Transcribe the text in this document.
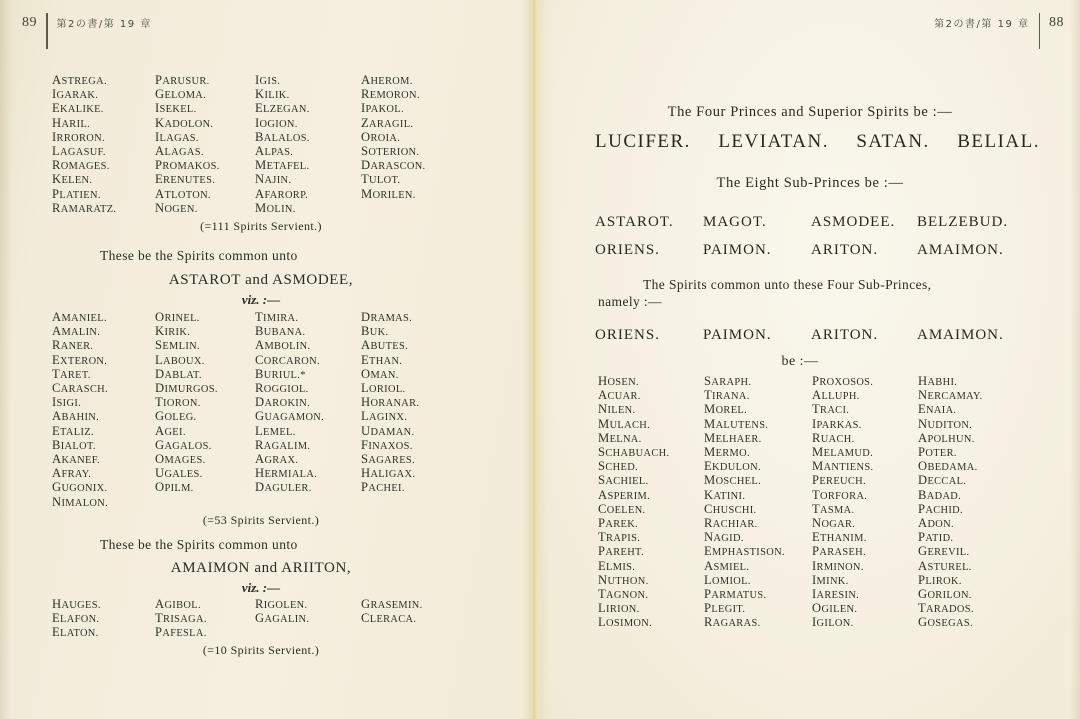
89 第2の書/第 19 章
ASTREGA.	PARUSUR.	IGIS.	AHEROM.
IGARAK.	GELOMA.	KILIK.	REMORON.
EKALIKE.	ISEKEL.	ELZEGAN.	IPAKOL.
HARIL.	KADOLON.	IOGION.	ZARAGIL.
IRRORON.	ILAGAS.	BALALOS.	OROIA.
LAGASUF.	ALAGAS.	ALPAS.	SOTERION.
ROMAGES.	PROMAKOS.	METAFEL.	DARASCON.
KELEN.	ERENUTES.	NAJIN.	TULOT.
PLATIEN.	ATLOTON.	AFARORP.	MORILEN.
RAMARATZ.	NOGEN.	MOLIN.
(=111 Spirits Servient.)
These be the Spirits common unto
ASTAROT and ASMODEE,
viz. :—
AMANIEL.	ORINEL.	TIMIRA.	DRAMAS.
AMALIN.	KIRIK.	BUBANA.	BUK.
RANER.	SEMLIN.	AMBOLIN.	ABUTES.
EXTERON.	LABOUX.	CORCARON.	ETHAN.
TARET.	DABLAT.	BURIUL.*	OMAN.
CARASCH.	DIMURGOS.	ROGGIOL.	LORIOL.
ISIGI.	TIORON.	DAROKIN.	HORANAR.
ABAHIN.	GOLEG.	GUAGAMON.	LAGINX.
ETALIZ.	AGEI.	LEMEL.	UDAMAN.
BIALOT.	GAGALOS.	RAGALIM.	FINAXOS.
AKANEF.	OMAGES.	AGRAX.	SAGARES.
AFRAY.	UGALES.	HERMIALA.	HALIGAX.
GUGONIX.	OPILM.	DAGULER.	PACHEI.
NIMALON.
(=53 Spirits Servient.)
These be the Spirits common unto
AMAIMON and ARIITON,
viz. :—
HAUGES.	AGIBOL.	RIGOLEN.	GRASEMIN.
ELAFON.	TRISAGA.	GAGALIN.	CLERACA.
ELATON.	PAFESLA.
(=10 Spirits Servient.)
第2の書/第 19 章 88
The Four Princes and Superior Spirits be :—
LUCIFER. LEVIATAN. SATAN. BELIAL.
The Eight Sub-Princes be :—
ASTAROT.	MAGOT.	ASMODEE.	BELZEBUD.
ORIENS.	PAIMON.	ARITON.	AMAIMON.
The Spirits common unto these Four Sub-Princes,
namely :—
ORIENS.	PAIMON.	ARITON.	AMAIMON.
be :—
HOSEN.	SARAPH.	PROXOSOS.	HABHI.
ACUAR.	TIRANA.	ALLUPH.	NERCAMAY.
NILEN.	MOREL.	TRACI.	ENAIA.
MULACH.	MALUTENS.	IPARKAS.	NUDITON.
MELNA.	MELHAER.	RUACH.	APOLHUN.
SCHABUACH.	MERMO.	MELAMUD.	POTER.
SCHED.	EKDULON.	MANTIENS.	OBEDAMA.
SACHIEL.	MOSCHEL.	PEREUCH.	DECCAL.
ASPERIM.	KATINI.	TORFORA.	BADAD.
COELEN.	CHUSCHI.	TASMA.	PACHID.
PAREK.	RACHIAR.	NOGAR.	ADON.
TRAPIS.	NAGID.	ETHANIM.	PATID.
PAREHT.	EMPHASTISON.	PARASEH.	GEREVIL.
ELMIS.	ASMIEL.	IRMINON.	ASTUREL.
NUTHON.	LOMIOL.	IMINK.	PLIROK.
TAGNON.	PARMATUS.	IARESIN.	GORILON.
LIRION.	PLEGIT.	OGILEN.	TARADOS.
LOSIMON.	RAGARAS.	IGILON.	GOSEGAS.
